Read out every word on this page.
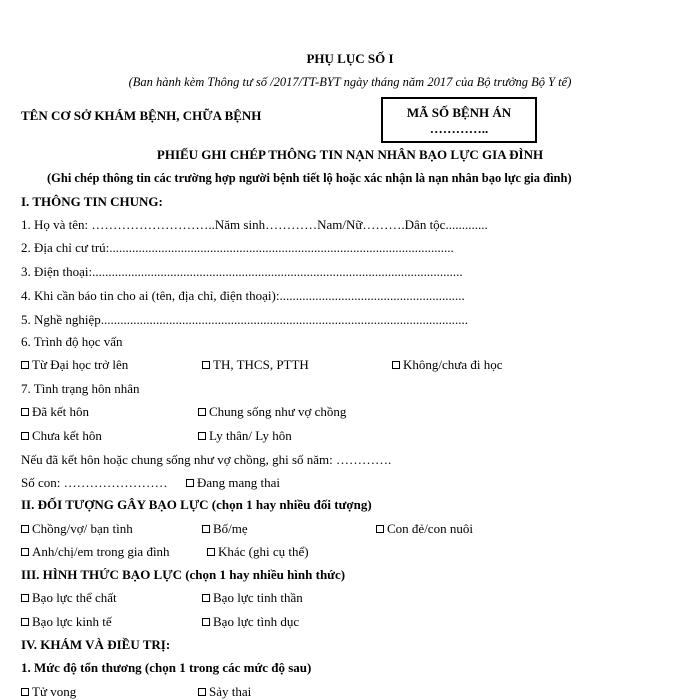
PHỤ LỤC SỐ I
(Ban hành kèm Thông tư số /2017/TT-BYT ngày tháng năm 2017 của Bộ trưởng Bộ Y tế)
TÊN CƠ SỞ KHÁM BỆNH, CHỮA BỆNH	MÃ SỐ BỆNH ÁN
…………..
PHIẾU GHI CHÉP THÔNG TIN NẠN NHÂN BẠO LỰC GIA ĐÌNH
(Ghi chép thông tin các trường hợp người bệnh tiết lộ hoặc xác nhận là nạn nhân bạo lực gia đình)
I. THÔNG TIN CHUNG:
1. Họ và tên: ………………………..Năm sinh…………Nam/Nữ……….Dân tộc.............
2. Địa chỉ cư trú:..........................................................................................................
3. Điện thoại:..................................................................................................................
4. Khi cần báo tin cho ai (tên, địa chỉ, điện thoại):.........................................................
5. Nghề nghiệp.................................................................................................................
6. Trình độ học vấn
Từ Đại học trở lên	TH, THCS, PTTH	Không/chưa đi học
7. Tình trạng hôn nhân
Đã kết hôn	Chung sống như vợ chồng
Chưa kết hôn	Ly thân/ Ly hôn
Nếu đã kết hôn hoặc chung sống như vợ chồng, ghi số năm: ………….
Số con: ……………………	Đang mang thai
II. ĐỐI TƯỢNG GÂY BẠO LỰC (chọn 1 hay nhiều đối tượng)
Chồng/vợ/ bạn tình	Bố/mẹ	Con đẻ/con nuôi
Anh/chị/em trong gia đình	Khác (ghi cụ thể)
III. HÌNH THỨC BẠO LỰC (chọn 1 hay nhiều hình thức)
Bạo lực thể chất	Bạo lực tinh thần
Bạo lực kinh tế	Bạo lực tình dục
IV. KHÁM VÀ ĐIỀU TRỊ:
1. Mức độ tổn thương (chọn 1 trong các mức độ sau)
Tử vong	Sảy thai
